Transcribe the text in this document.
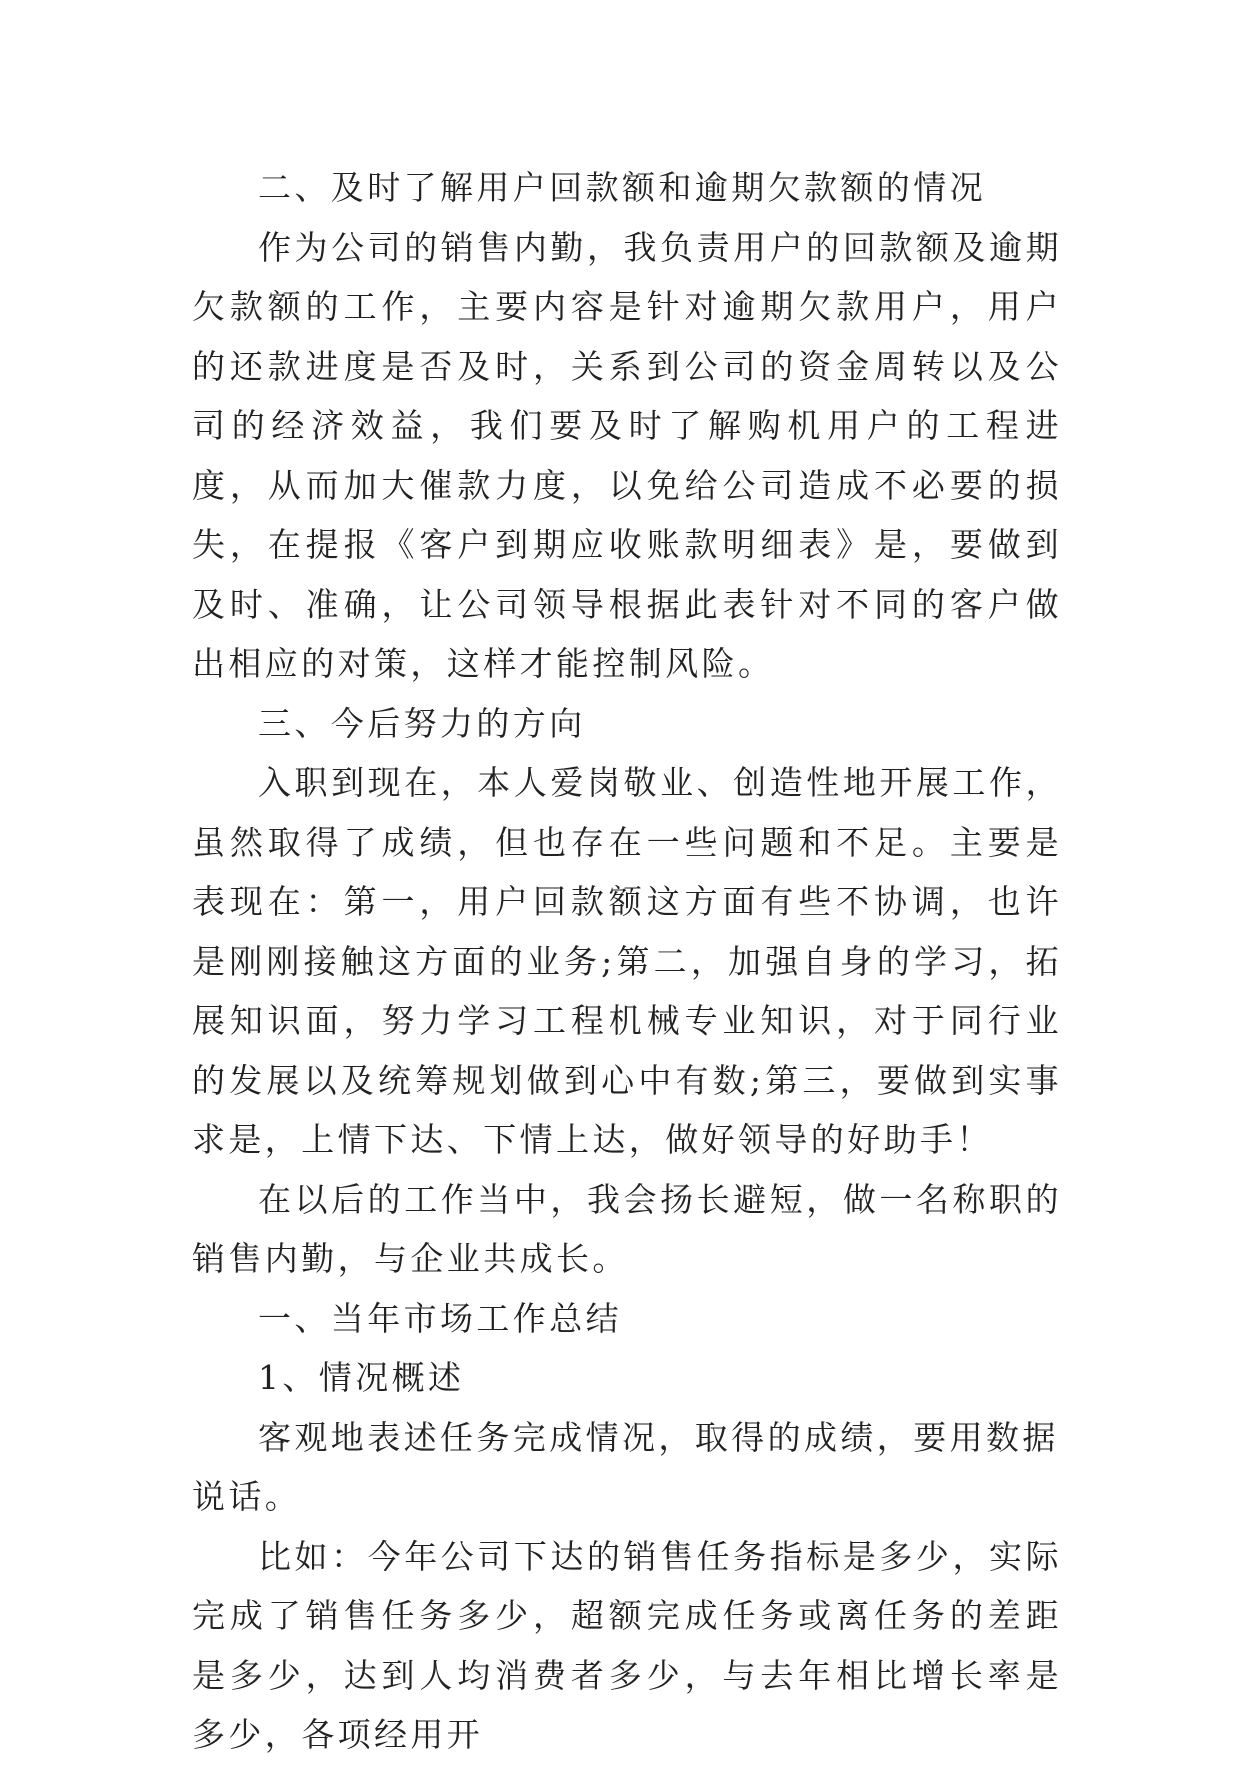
二、及时了解用户回款额和逾期欠款额的情况

作为公司的销售内勤，我负责用户的回款额及逾期欠款额的工作，主要内容是针对逾期欠款用户，用户的还款进度是否及时，关系到公司的资金周转以及公司的经济效益，我们要及时了解购机用户的工程进度，从而加大催款力度，以免给公司造成不必要的损失，在提报《客户到期应收账款明细表》是，要做到及时、准确，让公司领导根据此表针对不同的客户做出相应的对策，这样才能控制风险。

三、今后努力的方向

入职到现在，本人爱岗敬业、创造性地开展工作，虽然取得了成绩，但也存在一些问题和不足。主要是表现在：第一，用户回款额这方面有些不协调，也许是刚刚接触这方面的业务;第二，加强自身的学习，拓展知识面，努力学习工程机械专业知识，对于同行业的发展以及统筹规划做到心中有数;第三，要做到实事求是，上情下达、下情上达，做好领导的好助手！

在以后的工作当中，我会扬长避短，做一名称职的销售内勤，与企业共成长。

一、当年市场工作总结

1、情况概述

客观地表述任务完成情况，取得的成绩，要用数据说话。

比如：今年公司下达的销售任务指标是多少，实际完成了销售任务多少，超额完成任务或离任务的差距是多少，达到人均消费者多少，与去年相比增长率是多少，各项经用开
